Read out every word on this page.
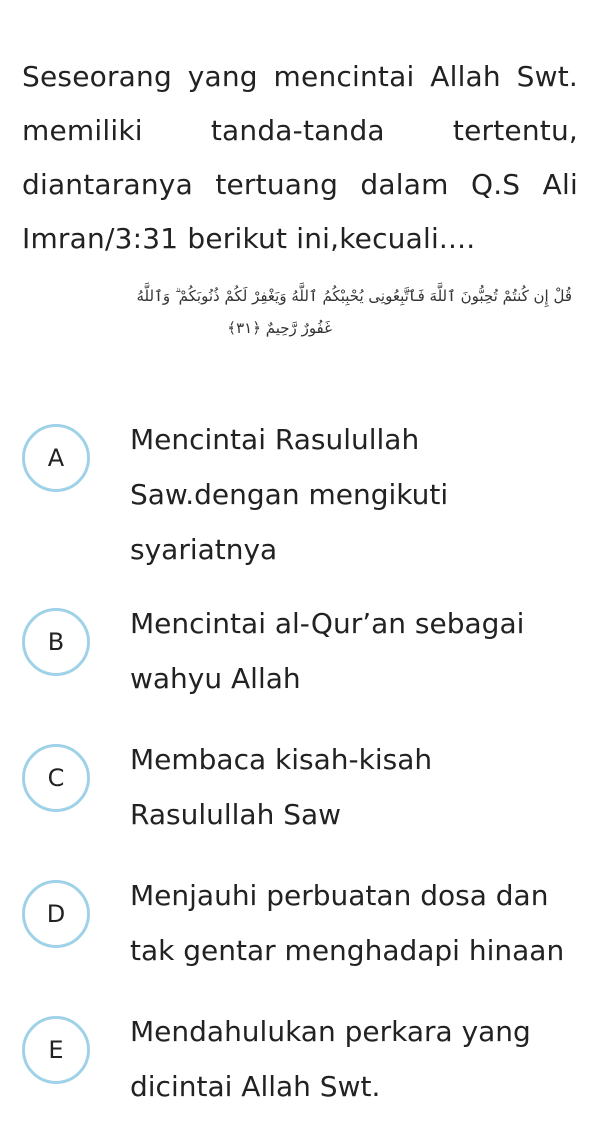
Seseorang yang mencintai Allah Swt. memiliki tanda-tanda tertentu, diantaranya tertuang dalam Q.S Ali Imran/3:31 berikut ini,kecuali....
قُلْ إِن كُنتُمْ تُحِبُّونَ ٱللَّهَ فَٱتَّبِعُونِى يُحْبِبْكُمُ ٱللَّهُ وَيَغْفِرْ لَكُمْ ذُنُوبَكُمْ ۗ وَٱللَّهُ
غَفُورٌ رَّحِيمٌ ﴿٣١﴾
A
Mencintai Rasulullah Saw.dengan mengikuti syariatnya
B
Mencintai al-Qur’an sebagai wahyu Allah
C
Membaca kisah-kisah Rasulullah Saw
D
Menjauhi perbuatan dosa dan tak gentar menghadapi hinaan
E
Mendahulukan perkara yang dicintai Allah Swt.
